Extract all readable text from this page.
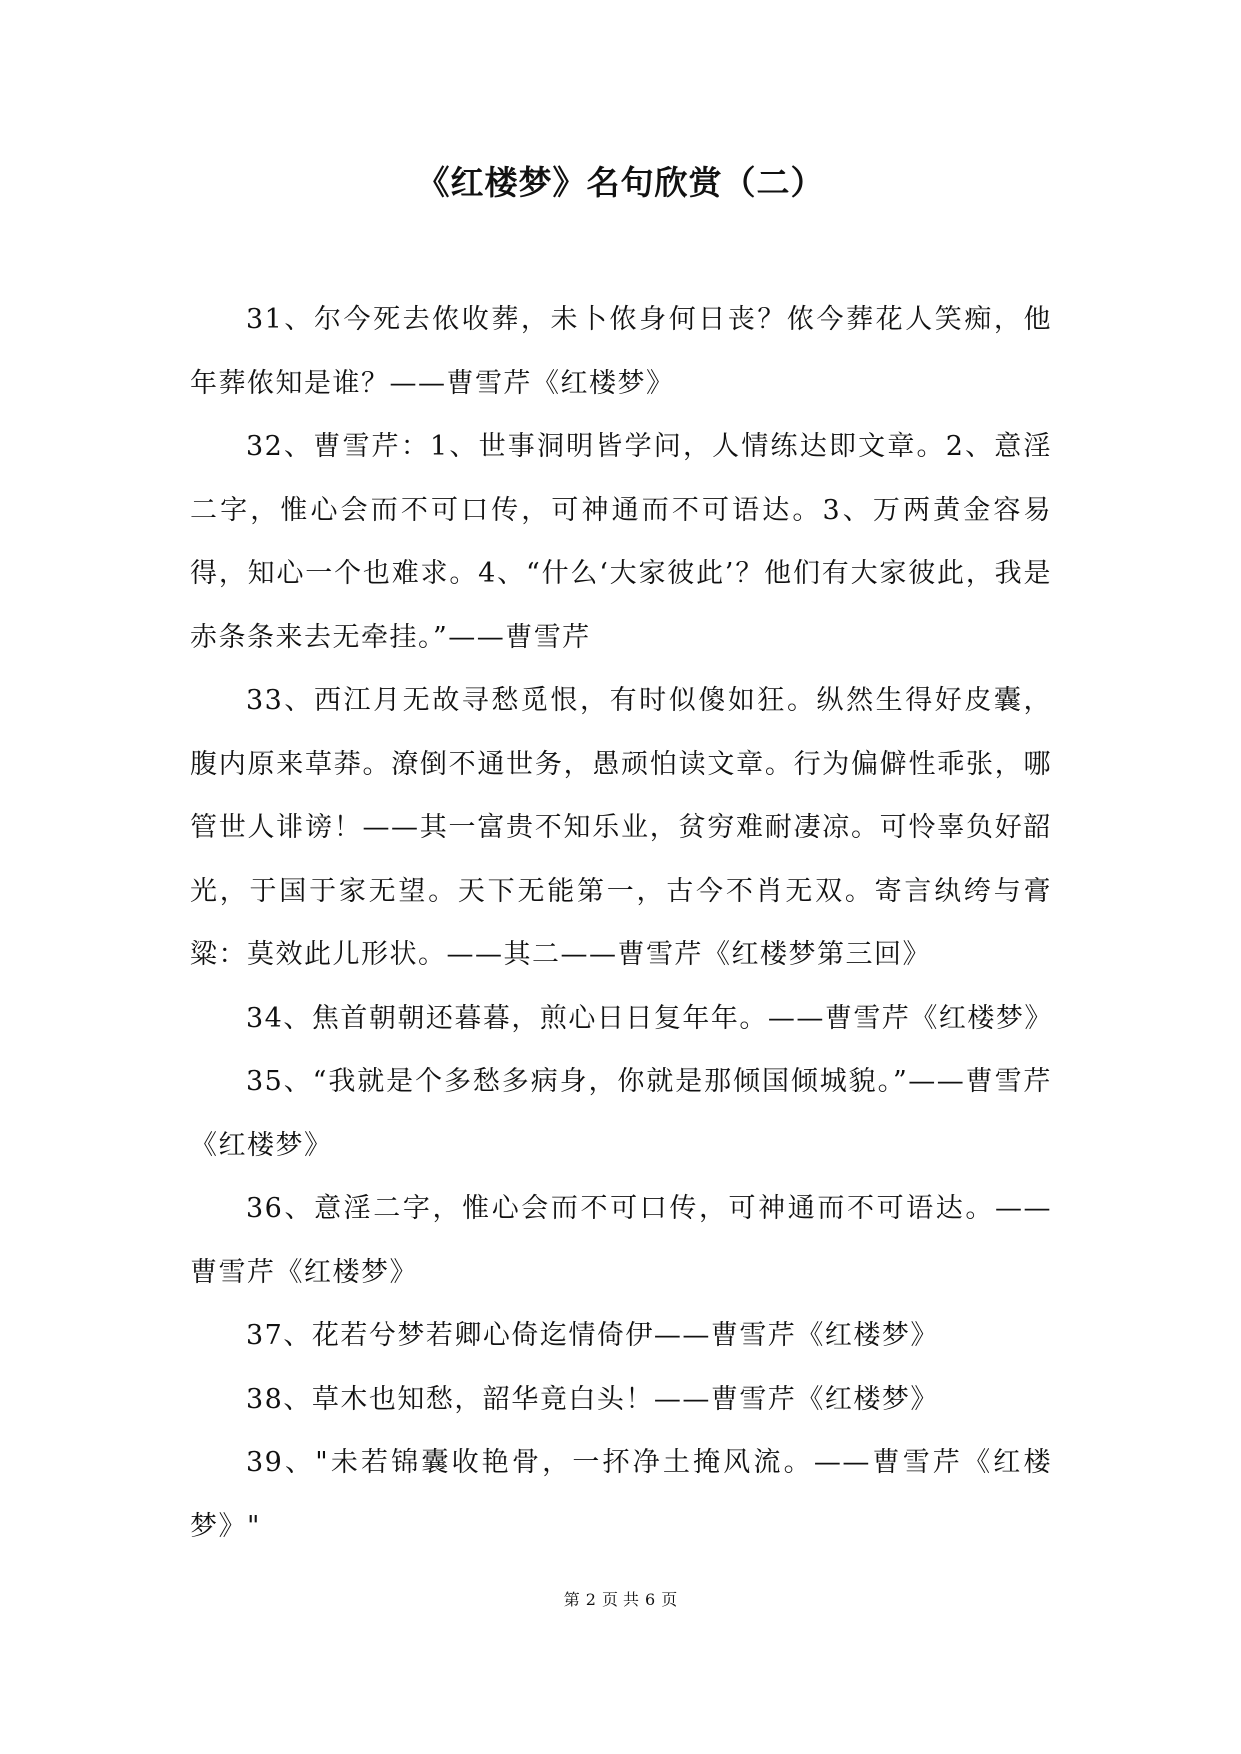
《红楼梦》名句欣赏（二）

31、尔今死去侬收葬，未卜侬身何日丧？侬今葬花人笑痴，他年葬侬知是谁？——曹雪芹《红楼梦》

32、曹雪芹：1、世事洞明皆学问，人情练达即文章。2、意淫二字，惟心会而不可口传，可神通而不可语达。3、万两黄金容易得，知心一个也难求。4、“什么‘大家彼此’？他们有大家彼此，我是赤条条来去无牵挂。”——曹雪芹

33、西江月无故寻愁觅恨，有时似傻如狂。纵然生得好皮囊，腹内原来草莽。潦倒不通世务，愚顽怕读文章。行为偏僻性乖张，哪管世人诽谤！——其一富贵不知乐业，贫穷难耐凄凉。可怜辜负好韶光，于国于家无望。天下无能第一，古今不肖无双。寄言纨绔与膏粱：莫效此儿形状。——其二——曹雪芹《红楼梦第三回》

34、焦首朝朝还暮暮，煎心日日复年年。——曹雪芹《红楼梦》

35、“我就是个多愁多病身，你就是那倾国倾城貌。”——曹雪芹《红楼梦》

36、意淫二字，惟心会而不可口传，可神通而不可语达。——曹雪芹《红楼梦》

37、花若兮梦若卿心倚迄情倚伊——曹雪芹《红楼梦》

38、草木也知愁，韶华竟白头！——曹雪芹《红楼梦》

39、"未若锦囊收艳骨，一抔净土掩风流。——曹雪芹《红楼梦》"

第 2 页 共 6 页
